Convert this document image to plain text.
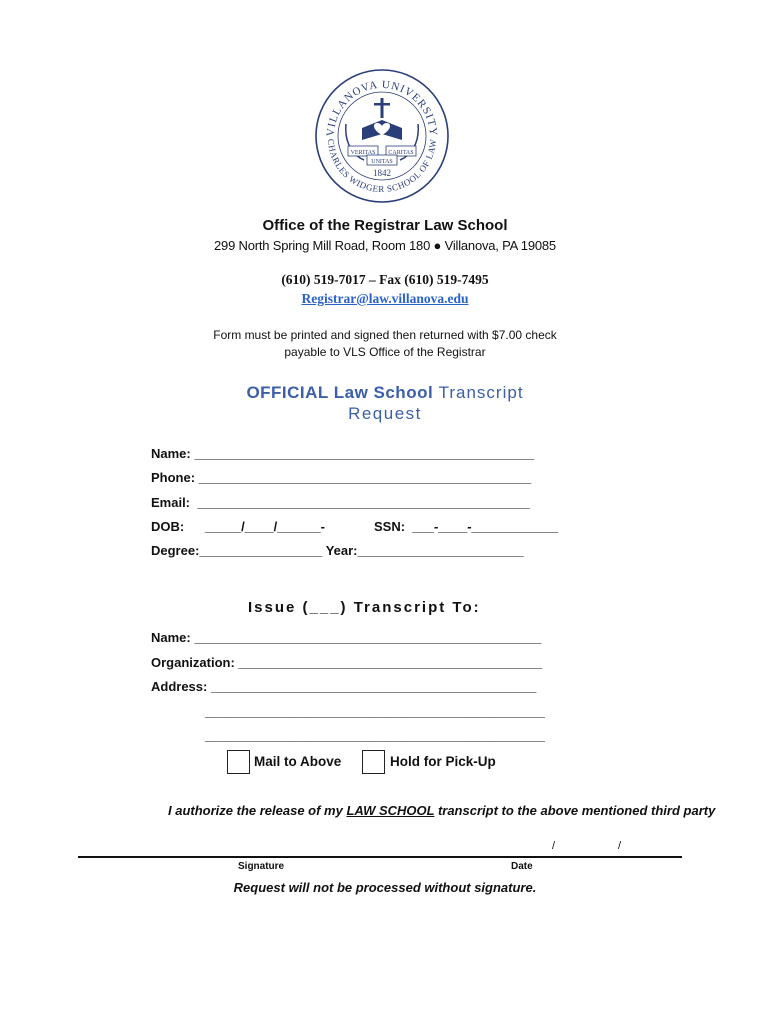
VILLANOVA UNIVERSITY
CHARLES WIDGER SCHOOL OF LAW
VERITAS CARITAS
UNITAS
1842
Office of the Registrar Law School
299 North Spring Mill Road, Room 180 ● Villanova, PA 19085
(610) 519-7017 – Fax (610) 519-7495
Registrar@law.villanova.edu
Form must be printed and signed then returned with $7.00 check
payable to VLS Office of the Registrar
OFFICIAL Law School Transcript
Request
Name: _______________________________________________
Phone: ______________________________________________
Email:  ______________________________________________
DOB: _____/____/______-	SSN:  ___-____-____________
Degree:_________________ Year:_______________________
Issue (___) Transcript To:
Name: ________________________________________________
Organization: __________________________________________
Address: _____________________________________________
_______________________________________________
_______________________________________________
Mail to Above	Hold for Pick-Up
I authorize the release of my LAW SCHOOL transcript to the above mentioned third party
/	/
Signature	Date
Request will not be processed without signature.
